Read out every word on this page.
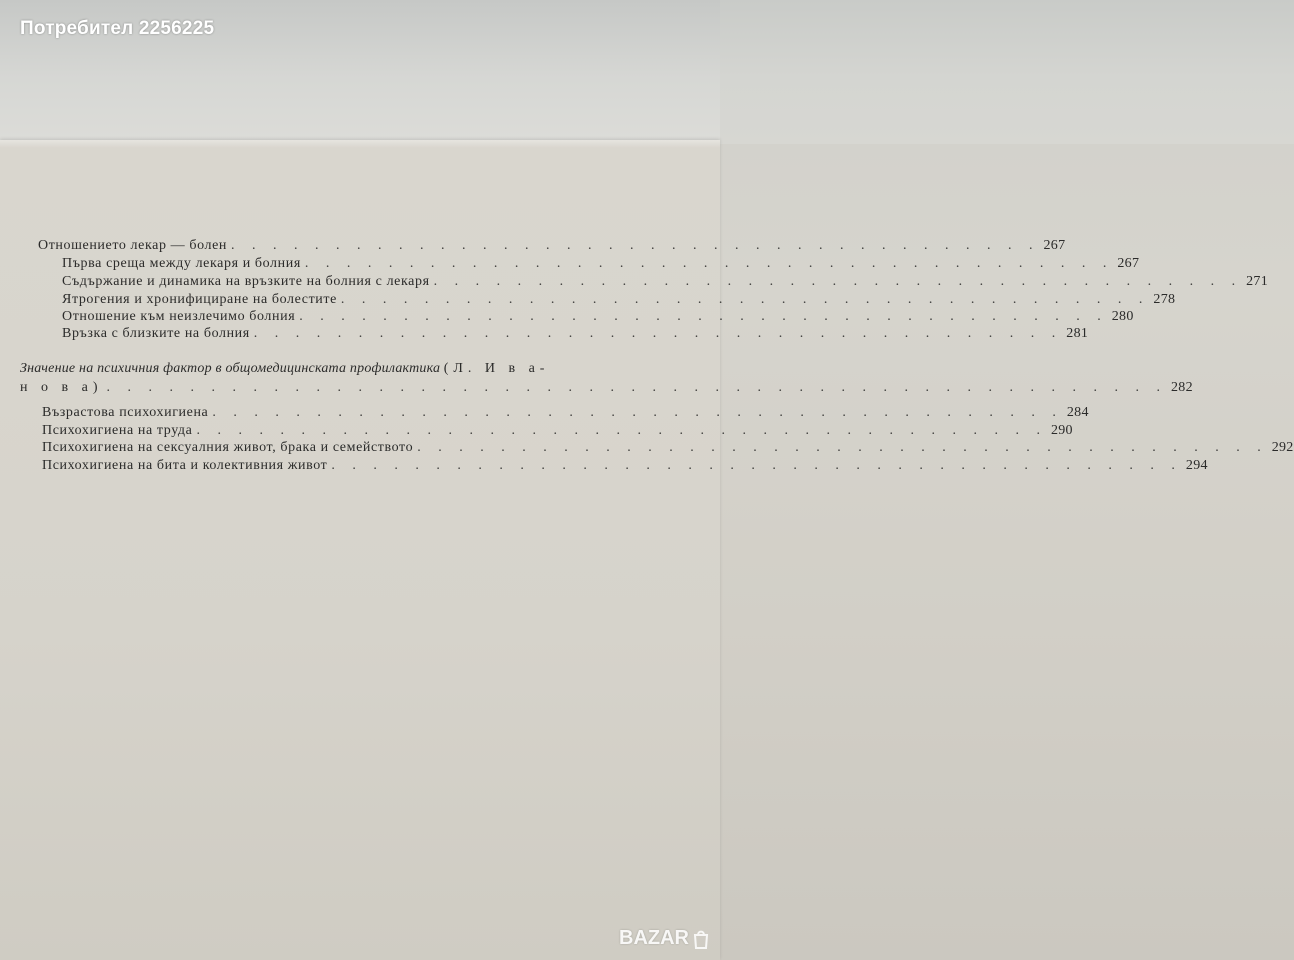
Потребител 2256225
Отношението лекар — болен . . . . . . . . . . . . . . . . . . . . . . . . . . . . . . . . . . . . . . . 267
Първа среща между лекаря и болния . . . . . . . . . . . . . . . . . . . . . . . . . . . . . . . . . . . . . . . 267
Съдържание и динамика на връзките на болния с лекаря . . . . . . . . . . . . . . . . . . . . . . . . . . . . . . . . . . . . . . . 271
Ятрогения и хронифициране на болестите . . . . . . . . . . . . . . . . . . . . . . . . . . . . . . . . . . . . . . . 278
Отношение към неизлечимо болния . . . . . . . . . . . . . . . . . . . . . . . . . . . . . . . . . . . . . . . 280
Връзка с близките на болния . . . . . . . . . . . . . . . . . . . . . . . . . . . . . . . . . . . . . . . 281
Значение на психичния фактор в общомедицинската профилактика (Л. И в а-
н о в а) . . . . . . . . . . . . . . . . . . . . . . . . . . . . . . . . . . . . . . . . . . . . . . . . . . . 282
Възрастова психохигиена . . . . . . . . . . . . . . . . . . . . . . . . . . . . . . . . . . . . . . . . . 284
Психохигиена на труда . . . . . . . . . . . . . . . . . . . . . . . . . . . . . . . . . . . . . . . . . 290
Психохигиена на сексуалния живот, брака и семейството . . . . . . . . . . . . . . . . . . . . . . . . . . . . . . . . . . . . . . . . . 292
Психохигиена на бита и колективния живот . . . . . . . . . . . . . . . . . . . . . . . . . . . . . . . . . . . . . . . . . 294
BAZAR
